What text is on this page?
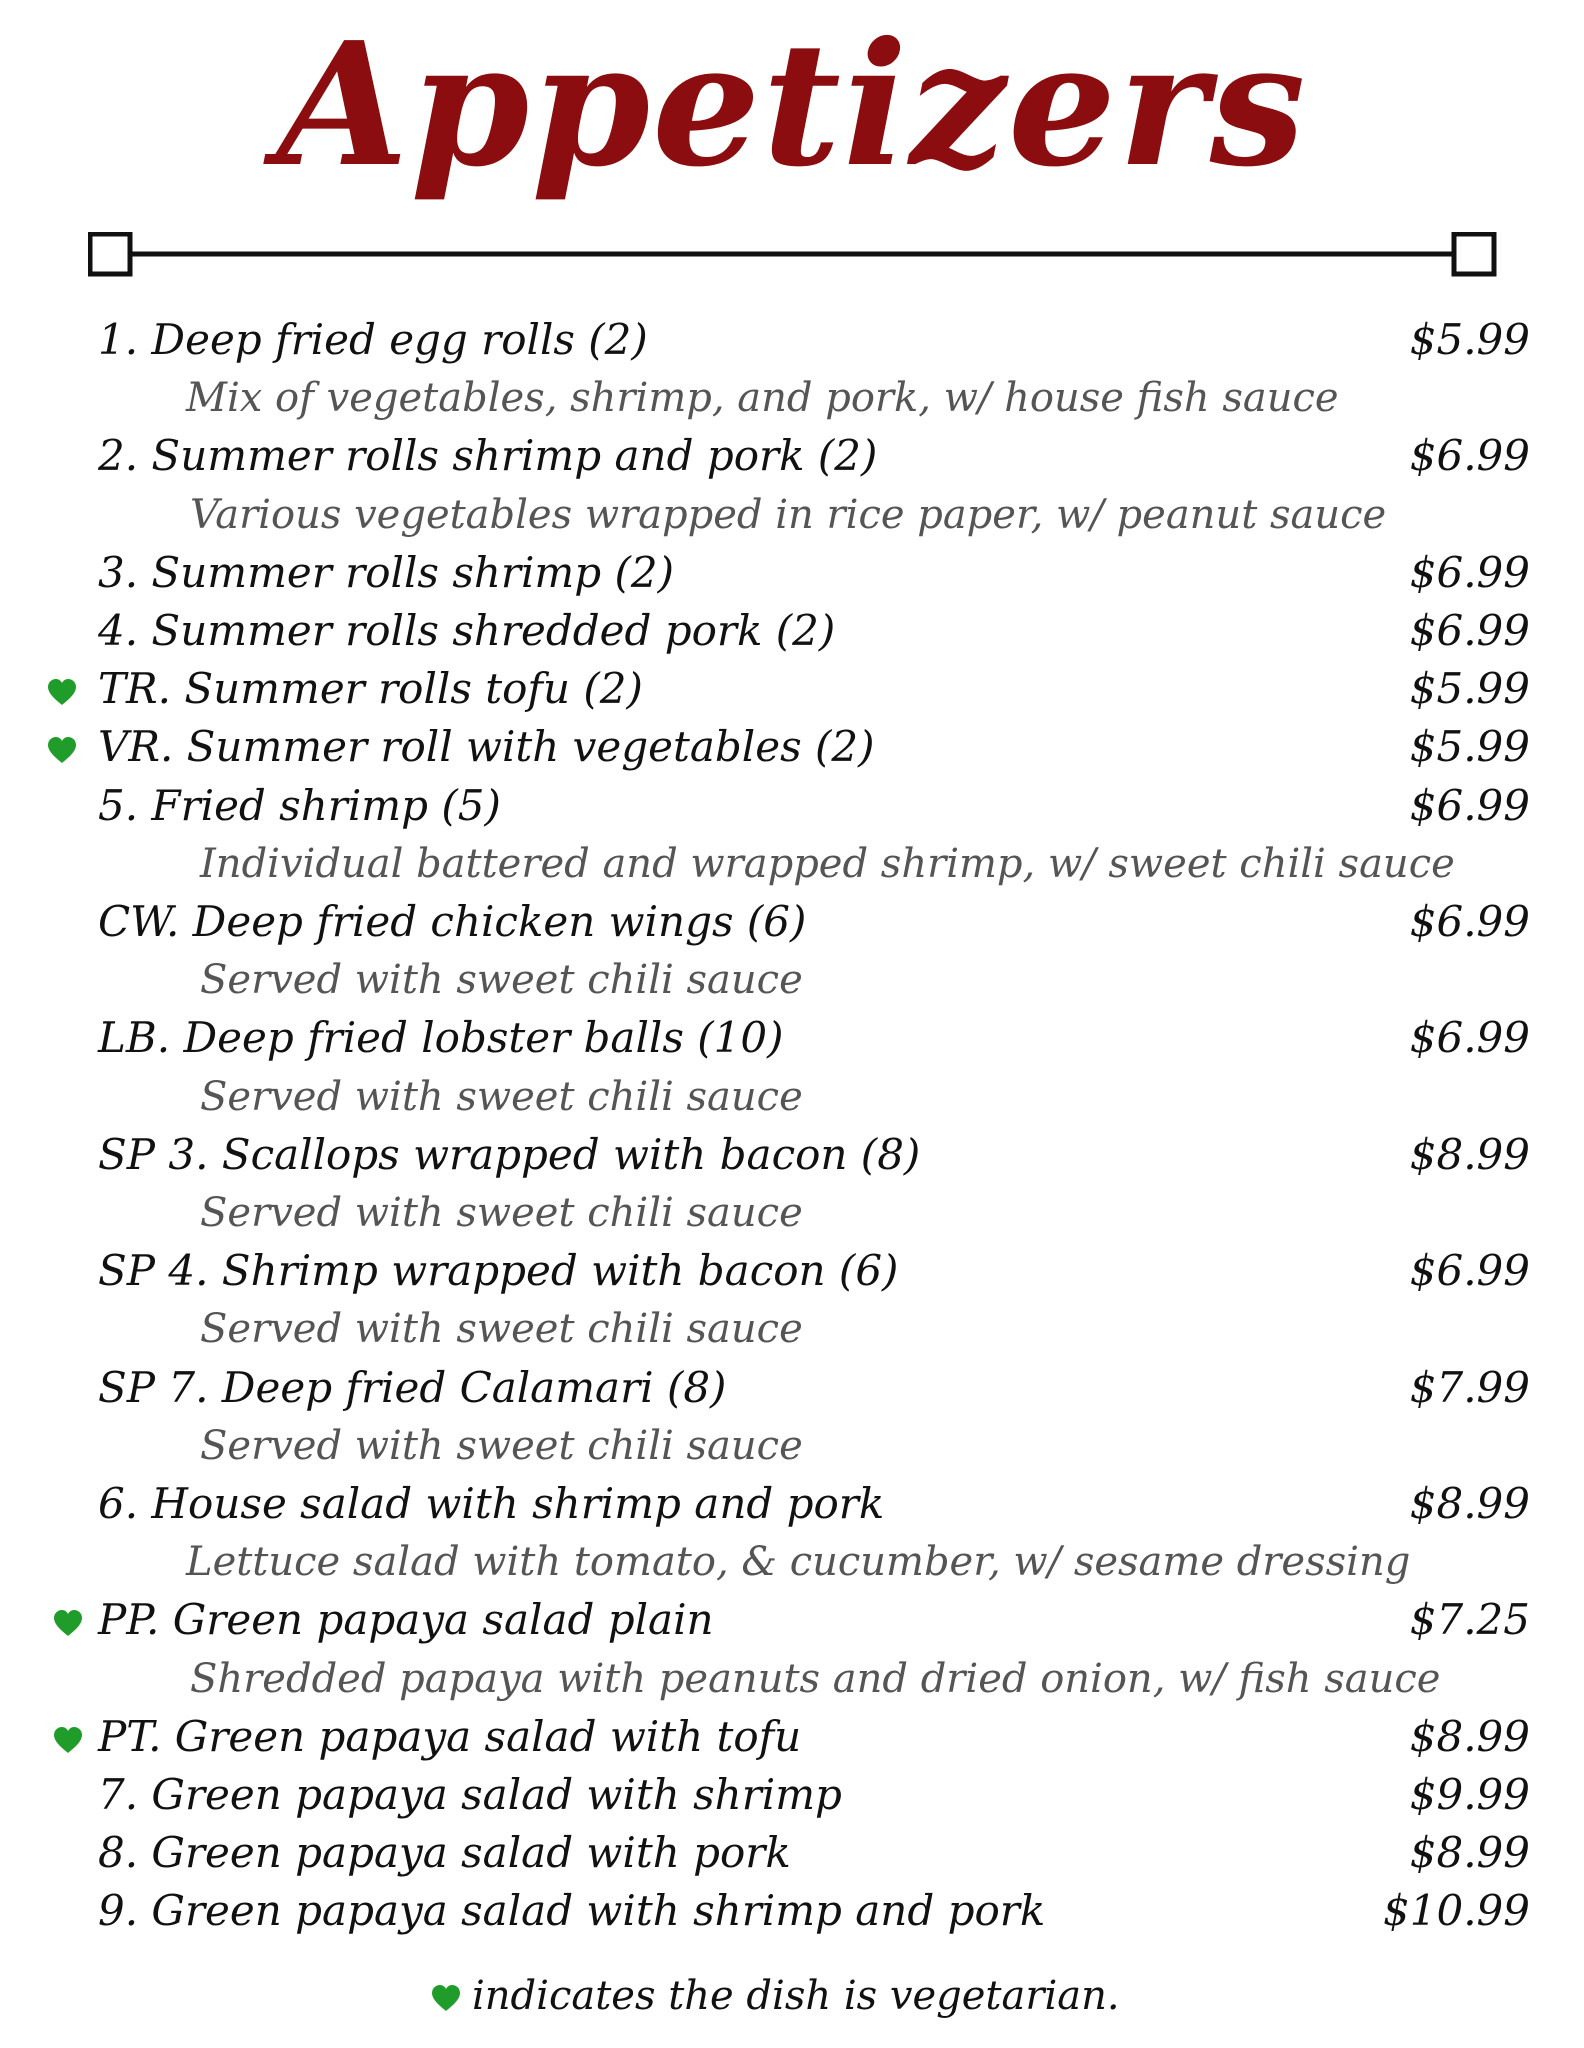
Appetizers
1. Deep fried egg rolls (2)	$5.99
Mix of vegetables, shrimp, and pork, w/ house fish sauce
2. Summer rolls shrimp and pork (2)	$6.99
Various vegetables wrapped in rice paper, w/ peanut sauce
3. Summer rolls shrimp (2)	$6.99
4. Summer rolls shredded pork (2)	$6.99
TR. Summer rolls tofu (2)	$5.99
VR. Summer roll with vegetables (2)	$5.99
5. Fried shrimp (5)	$6.99
Individual battered and wrapped shrimp, w/ sweet chili sauce
CW. Deep fried chicken wings (6)	$6.99
Served with sweet chili sauce
LB. Deep fried lobster balls (10)	$6.99
Served with sweet chili sauce
SP 3. Scallops wrapped with bacon (8)	$8.99
Served with sweet chili sauce
SP 4. Shrimp wrapped with bacon (6)	$6.99
Served with sweet chili sauce
SP 7. Deep fried Calamari (8)	$7.99
Served with sweet chili sauce
6. House salad with shrimp and pork	$8.99
Lettuce salad with tomato, & cucumber, w/ sesame dressing
PP. Green papaya salad plain	$7.25
Shredded papaya with peanuts and dried onion, w/ fish sauce
PT. Green papaya salad with tofu	$8.99
7. Green papaya salad with shrimp	$9.99
8. Green papaya salad with pork	$8.99
9. Green papaya salad with shrimp and pork	$10.99
indicates the dish is vegetarian.
